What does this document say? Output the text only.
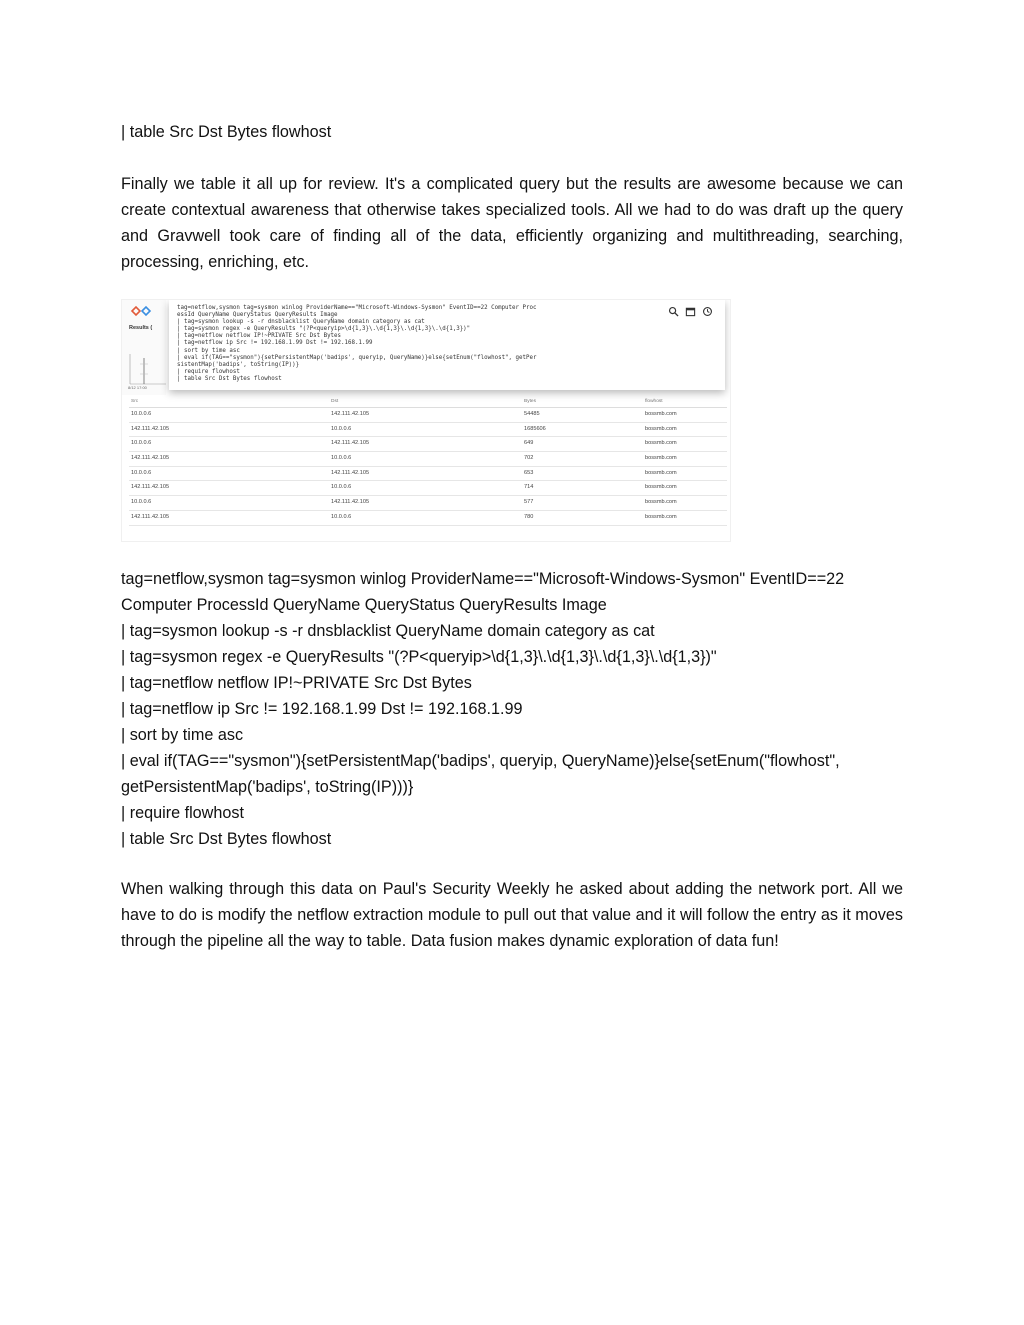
| table Src Dst Bytes flowhost
Finally we table it all up for review. It's a complicated query but the results are awesome because we can create contextual awareness that otherwise takes specialized tools. All we had to do was draft up the query and Gravwell took care of finding all of the data, efficiently organizing and multithreading, searching, processing, enriching, etc.
Results (
8/12 17:00
tag=netflow,sysmon tag=sysmon winlog ProviderName=="Microsoft-Windows-Sysmon" EventID==22 Computer Proc
essId QueryName QueryStatus QueryResults Image
| tag=sysmon lookup -s -r dnsblacklist QueryName domain category as cat
| tag=sysmon regex -e QueryResults "(?P<queryip>\d{1,3}\.\d{1,3}\.\d{1,3}\.\d{1,3})"
| tag=netflow netflow IP!~PRIVATE Src Dst Bytes
| tag=netflow ip Src != 192.168.1.99 Dst != 192.168.1.99
| sort by time asc
| eval if(TAG=="sysmon"){setPersistentMap('badips', queryip, QueryName)}else{setEnum("flowhost", getPer
sistentMap('badips', toString(IP))}
| require flowhost
| table Src Dst Bytes flowhost
Src	Dst	Bytes	flowhost
10.0.0.6	142.111.42.105	54485	bossmb.com
142.111.42.105	10.0.0.6	1685606	bossmb.com
10.0.0.6	142.111.42.105	649	bossmb.com
142.111.42.105	10.0.0.6	702	bossmb.com
10.0.0.6	142.111.42.105	653	bossmb.com
142.111.42.105	10.0.0.6	714	bossmb.com
10.0.0.6	142.111.42.105	577	bossmb.com
142.111.42.105	10.0.0.6	780	bossmb.com
tag=netflow,sysmon tag=sysmon winlog ProviderName=="Microsoft-Windows-Sysmon" EventID==22
Computer ProcessId QueryName QueryStatus QueryResults Image
| tag=sysmon lookup -s -r dnsblacklist QueryName domain category as cat
| tag=sysmon regex -e QueryResults "(?P<queryip>\d{1,3}\.\d{1,3}\.\d{1,3}\.\d{1,3})"
| tag=netflow netflow IP!~PRIVATE Src Dst Bytes
| tag=netflow ip Src != 192.168.1.99 Dst != 192.168.1.99
| sort by time asc
| eval if(TAG=="sysmon"){setPersistentMap('badips', queryip, QueryName)}else{setEnum("flowhost",
getPersistentMap('badips', toString(IP)))}
| require flowhost
| table Src Dst Bytes flowhost
When walking through this data on Paul's Security Weekly he asked about adding the network port. All we have to do is modify the netflow extraction module to pull out that value and it will follow the entry as it moves through the pipeline all the way to table. Data fusion makes dynamic exploration of data fun!
